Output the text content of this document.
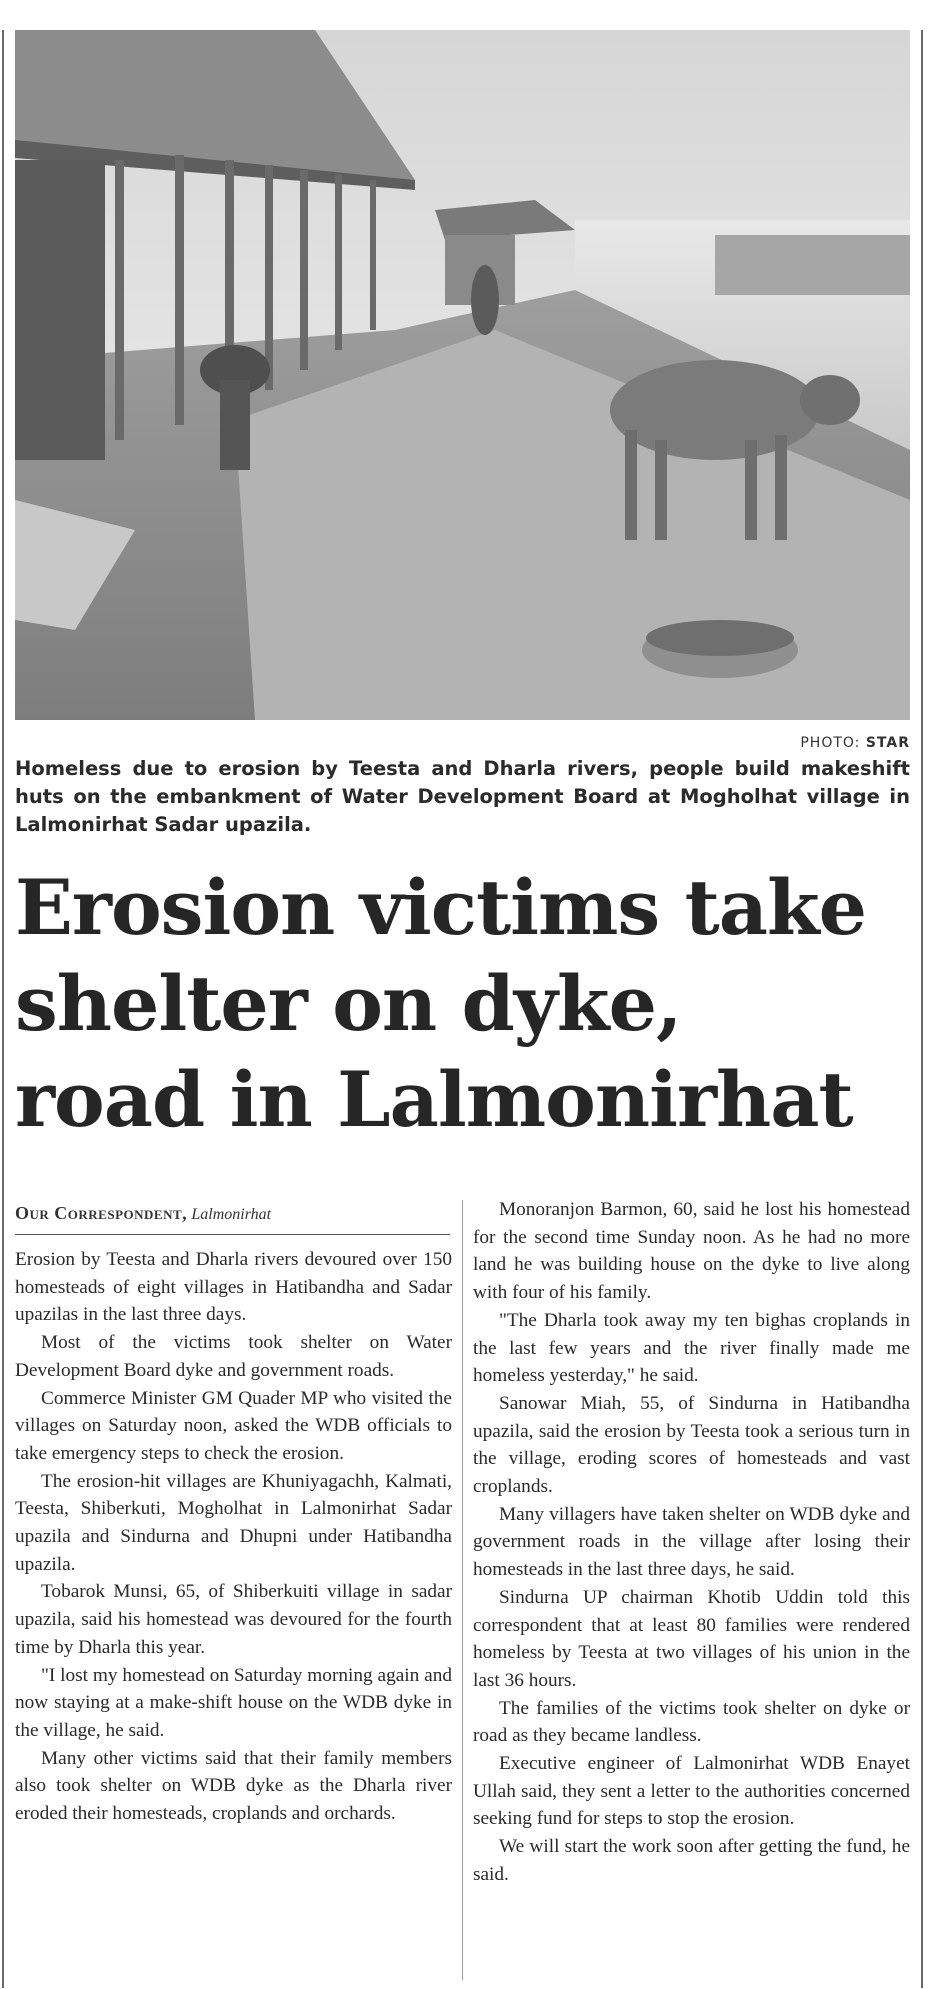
PHOTO: STAR
Homeless due to erosion by Teesta and Dharla rivers, people build makeshift huts on the embankment of Water Development Board at Mogholhat village in Lalmonirhat Sadar upazila.
Erosion victims take
shelter on dyke,
road in Lalmonirhat
Our Correspondent, Lalmonirhat

Erosion by Teesta and Dharla rivers devoured over 150 homesteads of eight villages in Hatibandha and Sadar upazilas in the last three days.

Most of the victims took shelter on Water Development Board dyke and government roads.

Commerce Minister GM Quader MP who visited the villages on Saturday noon, asked the WDB officials to take emergency steps to check the erosion.

The erosion-hit villages are Khuniyagachh, Kalmati, Teesta, Shiberkuti, Mogholhat in Lalmonirhat Sadar upazila and Sindurna and Dhupni under Hatibandha upazila.

Tobarok Munsi, 65, of Shiberkuiti village in sadar upazila, said his homestead was devoured for the fourth time by Dharla this year.

"I lost my homestead on Saturday morning again and now staying at a make-shift house on the WDB dyke in the village, he said.

Many other victims said that their family members also took shelter on WDB dyke as the Dharla river eroded their homesteads, croplands and orchards.

Monoranjon Barmon, 60, said he lost his homestead for the second time Sunday noon. As he had no more land he was building house on the dyke to live along with four of his family.

"The Dharla took away my ten bighas croplands in the last few years and the river finally made me homeless yesterday," he said.

Sanowar Miah, 55, of Sindurna in Hatibandha upazila, said the erosion by Teesta took a serious turn in the village, eroding scores of homesteads and vast croplands.

Many villagers have taken shelter on WDB dyke and government roads in the village after losing their homesteads in the last three days, he said.

Sindurna UP chairman Khotib Uddin told this correspondent that at least 80 families were rendered homeless by Teesta at two villages of his union in the last 36 hours.

The families of the victims took shelter on dyke or road as they became landless.

Executive engineer of Lalmonirhat WDB Enayet Ullah said, they sent a letter to the authorities concerned seeking fund for steps to stop the erosion.

We will start the work soon after getting the fund, he said.
